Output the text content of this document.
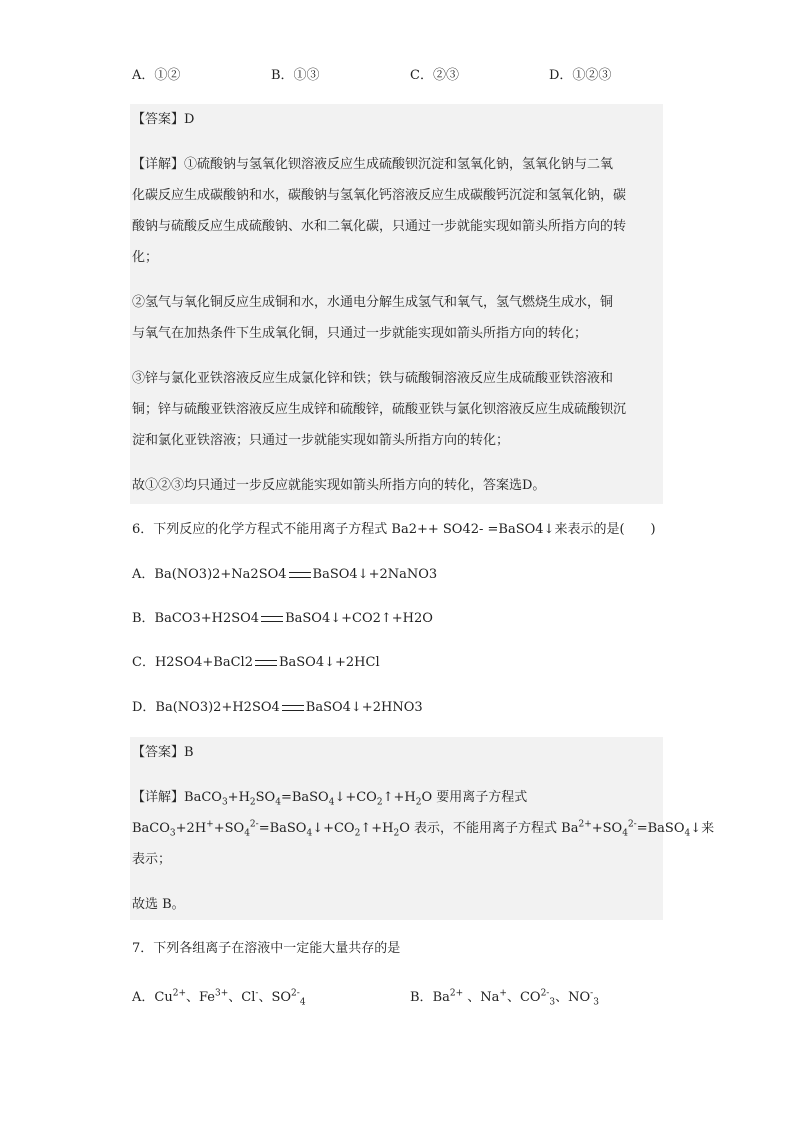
A．①②	B．①③	C．②③	D．①②③
【答案】D
【详解】①硫酸钠与氢氧化钡溶液反应生成硫酸钡沉淀和氢氧化钠，氢氧化钠与二氧
化碳反应生成碳酸钠和水，碳酸钠与氢氧化钙溶液反应生成碳酸钙沉淀和氢氧化钠，碳
酸钠与硫酸反应生成硫酸钠、水和二氧化碳，只通过一步就能实现如箭头所指方向的转
化；
②氢气与氧化铜反应生成铜和水，水通电分解生成氢气和氧气，氢气燃烧生成水，铜
与氧气在加热条件下生成氧化铜，只通过一步就能实现如箭头所指方向的转化；
③锌与氯化亚铁溶液反应生成氯化锌和铁；铁与硫酸铜溶液反应生成硫酸亚铁溶液和
铜；锌与硫酸亚铁溶液反应生成锌和硫酸锌，硫酸亚铁与氯化钡溶液反应生成硫酸钡沉
淀和氯化亚铁溶液；只通过一步就能实现如箭头所指方向的转化；
故①②③均只通过一步反应就能实现如箭头所指方向的转化，答案选D。
6．下列反应的化学方程式不能用离子方程式 Ba2++ SO42- =BaSO4↓来表示的是(　　)
A．Ba(NO3)2+Na2SO4 BaSO4↓+2NaNO3
B．BaCO3+H2SO4 BaSO4↓+CO2↑+H2O
C．H2SO4+BaCl2 BaSO4↓+2HCl
D．Ba(NO3)2+H2SO4 BaSO4↓+2HNO3
【答案】B
【详解】$BaCO_3+H_2SO_4=BaSO_4↓+CO_2↑+H_2O$ 要用离子方程式
$BaCO_3+2H^++SO_4^{2-}=BaSO_4↓+CO_2↑+H_2O$ 表示，不能用离子方程式 $Ba^{2+}+SO_4^{2-}=BaSO_4↓$来
表示；
故选 B。
7．下列各组离子在溶液中一定能大量共存的是
A．$Cu^{2+}$、$Fe^{3+}$、Cl-、$SO^{2-}_4$	B．$Ba^{2+}$ 、Na+、$CO^{2-}_3$、$NO^-_3$
